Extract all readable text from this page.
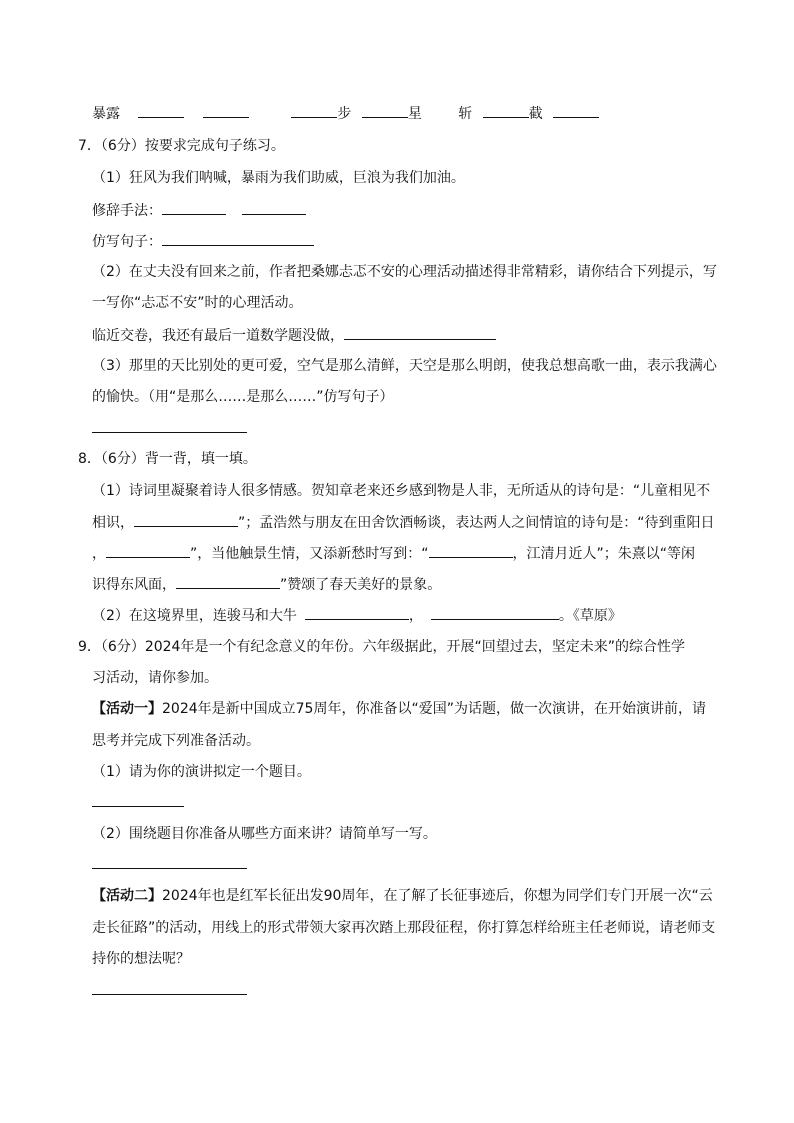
暴露	步	星	斩	截
7．（6分）按要求完成句子练习。
（1）狂风为我们呐喊，暴雨为我们助威，巨浪为我们加油。
修辞手法：
仿写句子：
（2）在丈夫没有回来之前，作者把桑娜忐忑不安的心理活动描述得非常精彩，请你结合下列提示，写
一写你“忐忑不安”时的心理活动。
临近交卷，我还有最后一道数学题没做，
（3）那里的天比别处的更可爱，空气是那么清鲜，天空是那么明朗，使我总想高歌一曲，表示我满心
的愉快。（用“是那么……是那么……”仿写句子）
8．（6分）背一背，填一填。
（1）诗词里凝聚着诗人很多情感。贺知章老来还乡感到物是人非，无所适从的诗句是：“儿童相见不
相识，	”；孟浩然与朋友在田舍饮酒畅谈，表达两人之间情谊的诗句是：“待到重阳日
，	”，当他触景生情，又添新愁时写到：“	，江清月近人”；朱熹以“等闲
识得东风面，	”赞颂了春天美好的景象。
（2）在这境界里，连骏马和大牛	，	。《草原》
9．（6分）2024年是一个有纪念意义的年份。六年级据此，开展“回望过去，坚定未来”的综合性学
习活动，请你参加。
【活动一】2024年是新中国成立75周年，你准备以“爱国”为话题，做一次演讲，在开始演讲前，请
思考并完成下列准备活动。
（1）请为你的演讲拟定一个题目。
（2）围绕题目你准备从哪些方面来讲？请简单写一写。
【活动二】2024年也是红军长征出发90周年，在了解了长征事迹后，你想为同学们专门开展一次“云
走长征路”的活动，用线上的形式带领大家再次踏上那段征程，你打算怎样给班主任老师说，请老师支
持你的想法呢？
